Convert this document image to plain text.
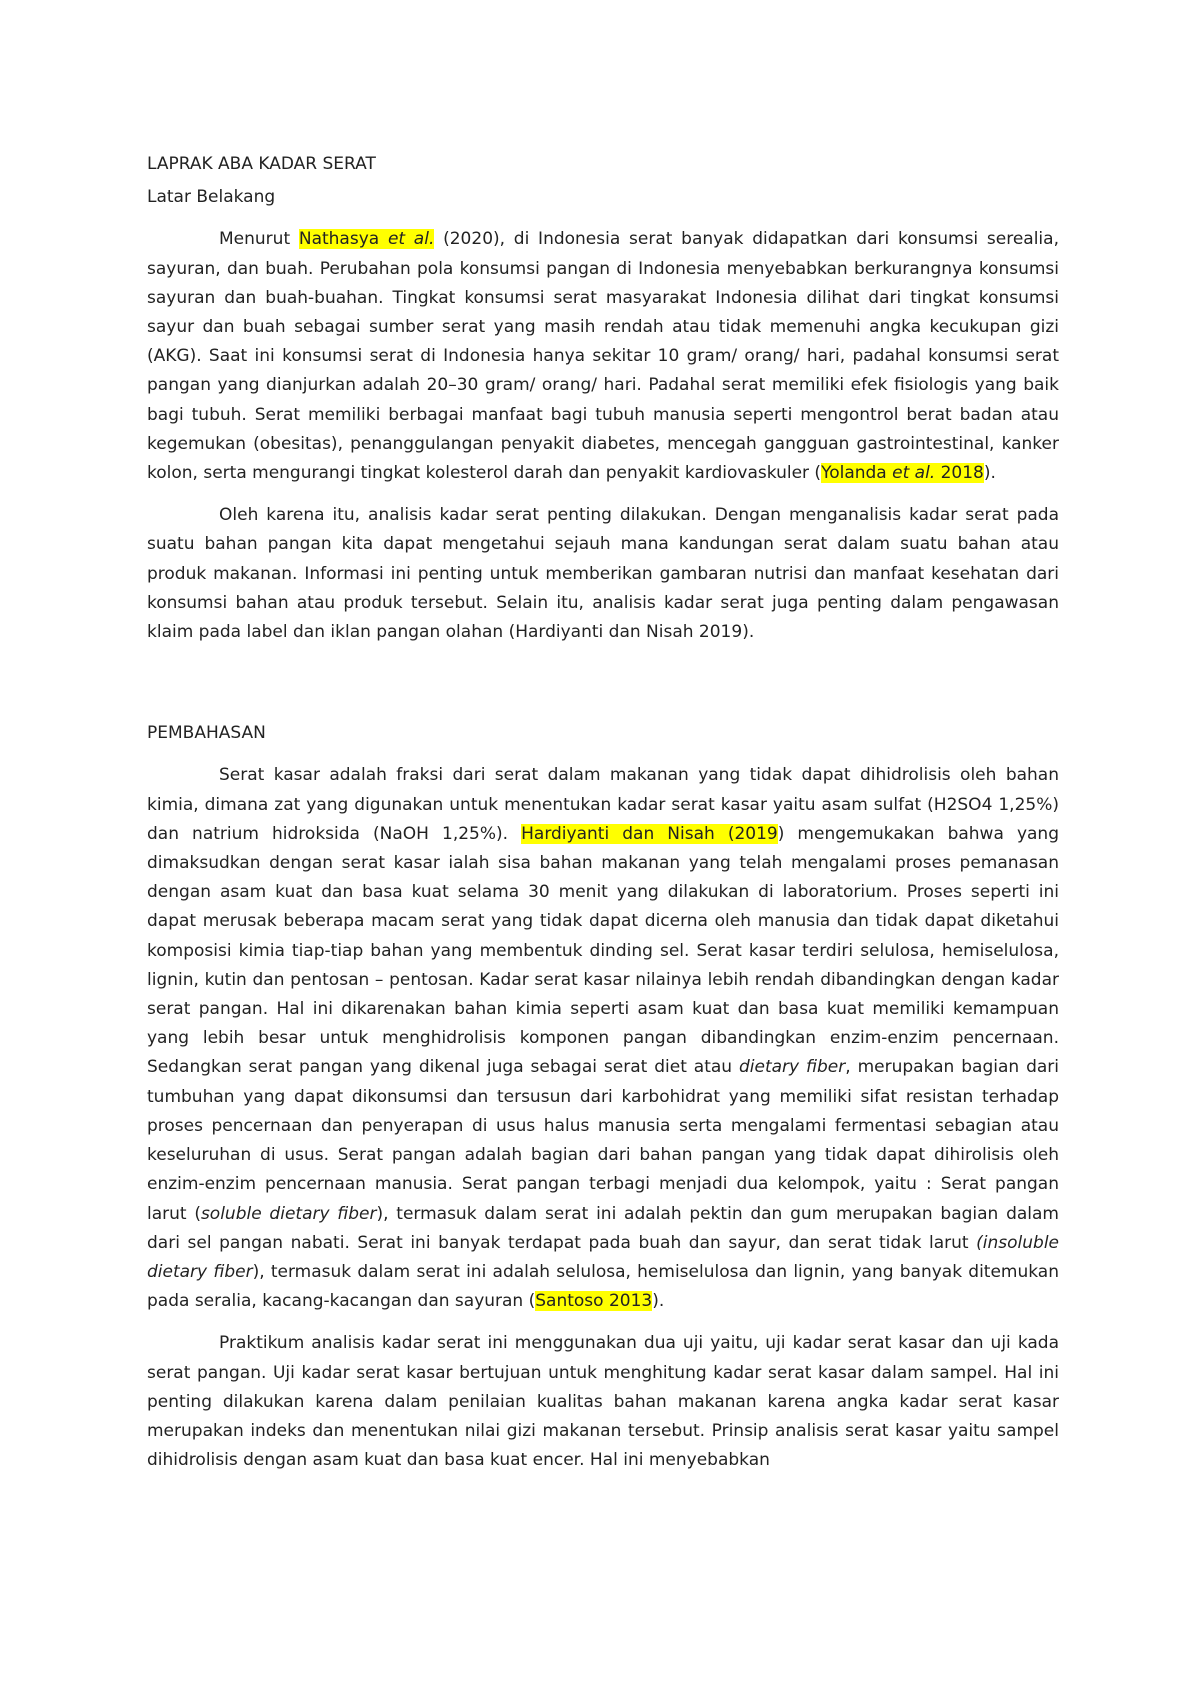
LAPRAK ABA KADAR SERAT

Latar Belakang

Menurut Nathasya et al. (2020), di Indonesia serat banyak didapatkan dari konsumsi serealia, sayuran, dan buah. Perubahan pola konsumsi pangan di Indonesia menyebabkan berkurangnya konsumsi sayuran dan buah-buahan. Tingkat konsumsi serat masyarakat Indonesia dilihat dari tingkat konsumsi sayur dan buah sebagai sumber serat yang masih rendah atau tidak memenuhi angka kecukupan gizi (AKG). Saat ini konsumsi serat di Indonesia hanya sekitar 10 gram/ orang/ hari, padahal konsumsi serat pangan yang dianjurkan adalah 20–30 gram/ orang/ hari. Padahal serat memiliki efek fisiologis yang baik bagi tubuh. Serat memiliki berbagai manfaat bagi tubuh manusia seperti mengontrol berat badan atau kegemukan (obesitas), penanggulangan penyakit diabetes, mencegah gangguan gastrointestinal, kanker kolon, serta mengurangi tingkat kolesterol darah dan penyakit kardiovaskuler (Yolanda et al. 2018).

Oleh karena itu, analisis kadar serat penting dilakukan. Dengan menganalisis kadar serat pada suatu bahan pangan kita dapat mengetahui sejauh mana kandungan serat dalam suatu bahan atau produk makanan. Informasi ini penting untuk memberikan gambaran nutrisi dan manfaat kesehatan dari konsumsi bahan atau produk tersebut. Selain itu, analisis kadar serat juga penting dalam pengawasan klaim pada label dan iklan pangan olahan (Hardiyanti dan Nisah 2019).

PEMBAHASAN

Serat kasar adalah fraksi dari serat dalam makanan yang tidak dapat dihidrolisis oleh bahan kimia, dimana zat yang digunakan untuk menentukan kadar serat kasar yaitu asam sulfat (H2SO4 1,25%) dan natrium hidroksida (NaOH 1,25%). Hardiyanti dan Nisah (2019) mengemukakan bahwa yang dimaksudkan dengan serat kasar ialah sisa bahan makanan yang telah mengalami proses pemanasan dengan asam kuat dan basa kuat selama 30 menit yang dilakukan di laboratorium. Proses seperti ini dapat merusak beberapa macam serat yang tidak dapat dicerna oleh manusia dan tidak dapat diketahui komposisi kimia tiap-tiap bahan yang membentuk dinding sel. Serat kasar terdiri selulosa, hemiselulosa, lignin, kutin dan pentosan – pentosan. Kadar serat kasar nilainya lebih rendah dibandingkan dengan kadar serat pangan. Hal ini dikarenakan bahan kimia seperti asam kuat dan basa kuat memiliki kemampuan yang lebih besar untuk menghidrolisis komponen pangan dibandingkan enzim-enzim pencernaan. Sedangkan serat pangan yang dikenal juga sebagai serat diet atau dietary fiber, merupakan bagian dari tumbuhan yang dapat dikonsumsi dan tersusun dari karbohidrat yang memiliki sifat resistan terhadap proses pencernaan dan penyerapan di usus halus manusia serta mengalami fermentasi sebagian atau keseluruhan di usus. Serat pangan adalah bagian dari bahan pangan yang tidak dapat dihirolisis oleh enzim-enzim pencernaan manusia. Serat pangan terbagi menjadi dua kelompok, yaitu : Serat pangan larut (soluble dietary fiber), termasuk dalam serat ini adalah pektin dan gum merupakan bagian dalam dari sel pangan nabati. Serat ini banyak terdapat pada buah dan sayur, dan serat tidak larut (insoluble dietary fiber), termasuk dalam serat ini adalah selulosa, hemiselulosa dan lignin, yang banyak ditemukan pada seralia, kacang-kacangan dan sayuran (Santoso 2013).

Praktikum analisis kadar serat ini menggunakan dua uji yaitu, uji kadar serat kasar dan uji kada serat pangan. Uji kadar serat kasar bertujuan untuk menghitung kadar serat kasar dalam sampel. Hal ini penting dilakukan karena dalam penilaian kualitas bahan makanan karena angka kadar serat kasar merupakan indeks dan menentukan nilai gizi makanan tersebut. Prinsip analisis serat kasar yaitu sampel dihidrolisis dengan asam kuat dan basa kuat encer. Hal ini menyebabkan
